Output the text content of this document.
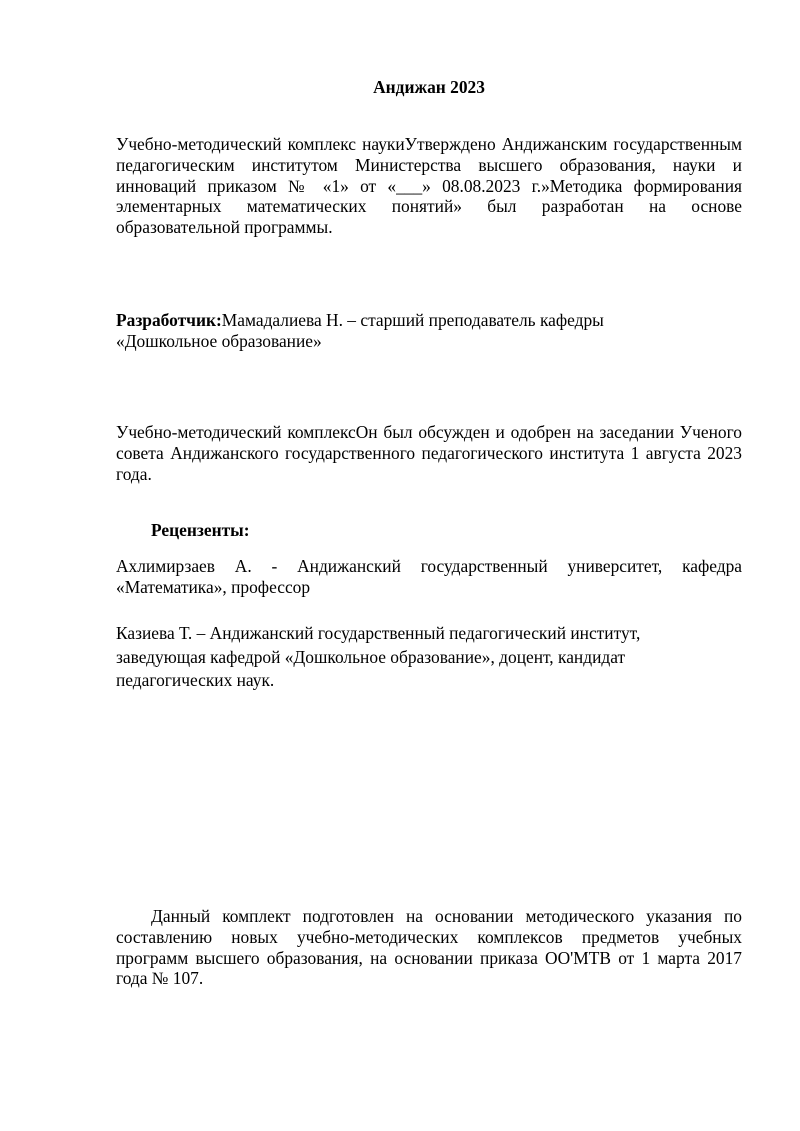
Андижан 2023
Учебно-методический комплекс наукиУтверждено Андижанским государственным педагогическим институтом Министерства высшего образования, науки и инноваций приказом № «1» от «___» 08.08.2023 г.»Методика формирования элементарных математических понятий» был разработан на основе образовательной программы.
Разработчик:Мамадалиева Н. – старший преподаватель кафедры
«Дошкольное образование»
Учебно-методический комплексОн был обсужден и одобрен на заседании Ученого совета Андижанского государственного педагогического института 1 августа 2023 года.
Рецензенты:
Ахлимирзаев А. - Андижанский государственный университет, кафедра «Математика», профессор
Казиева Т. – Андижанский государственный педагогический институт,
заведующая кафедрой «Дошкольное образование», доцент, кандидат
педагогических наук.
Данный комплект подготовлен на основании методического указания по составлению новых учебно-методических комплексов предметов учебных программ высшего образования, на основании приказа ОО'МТВ от 1 марта 2017 года № 107.
